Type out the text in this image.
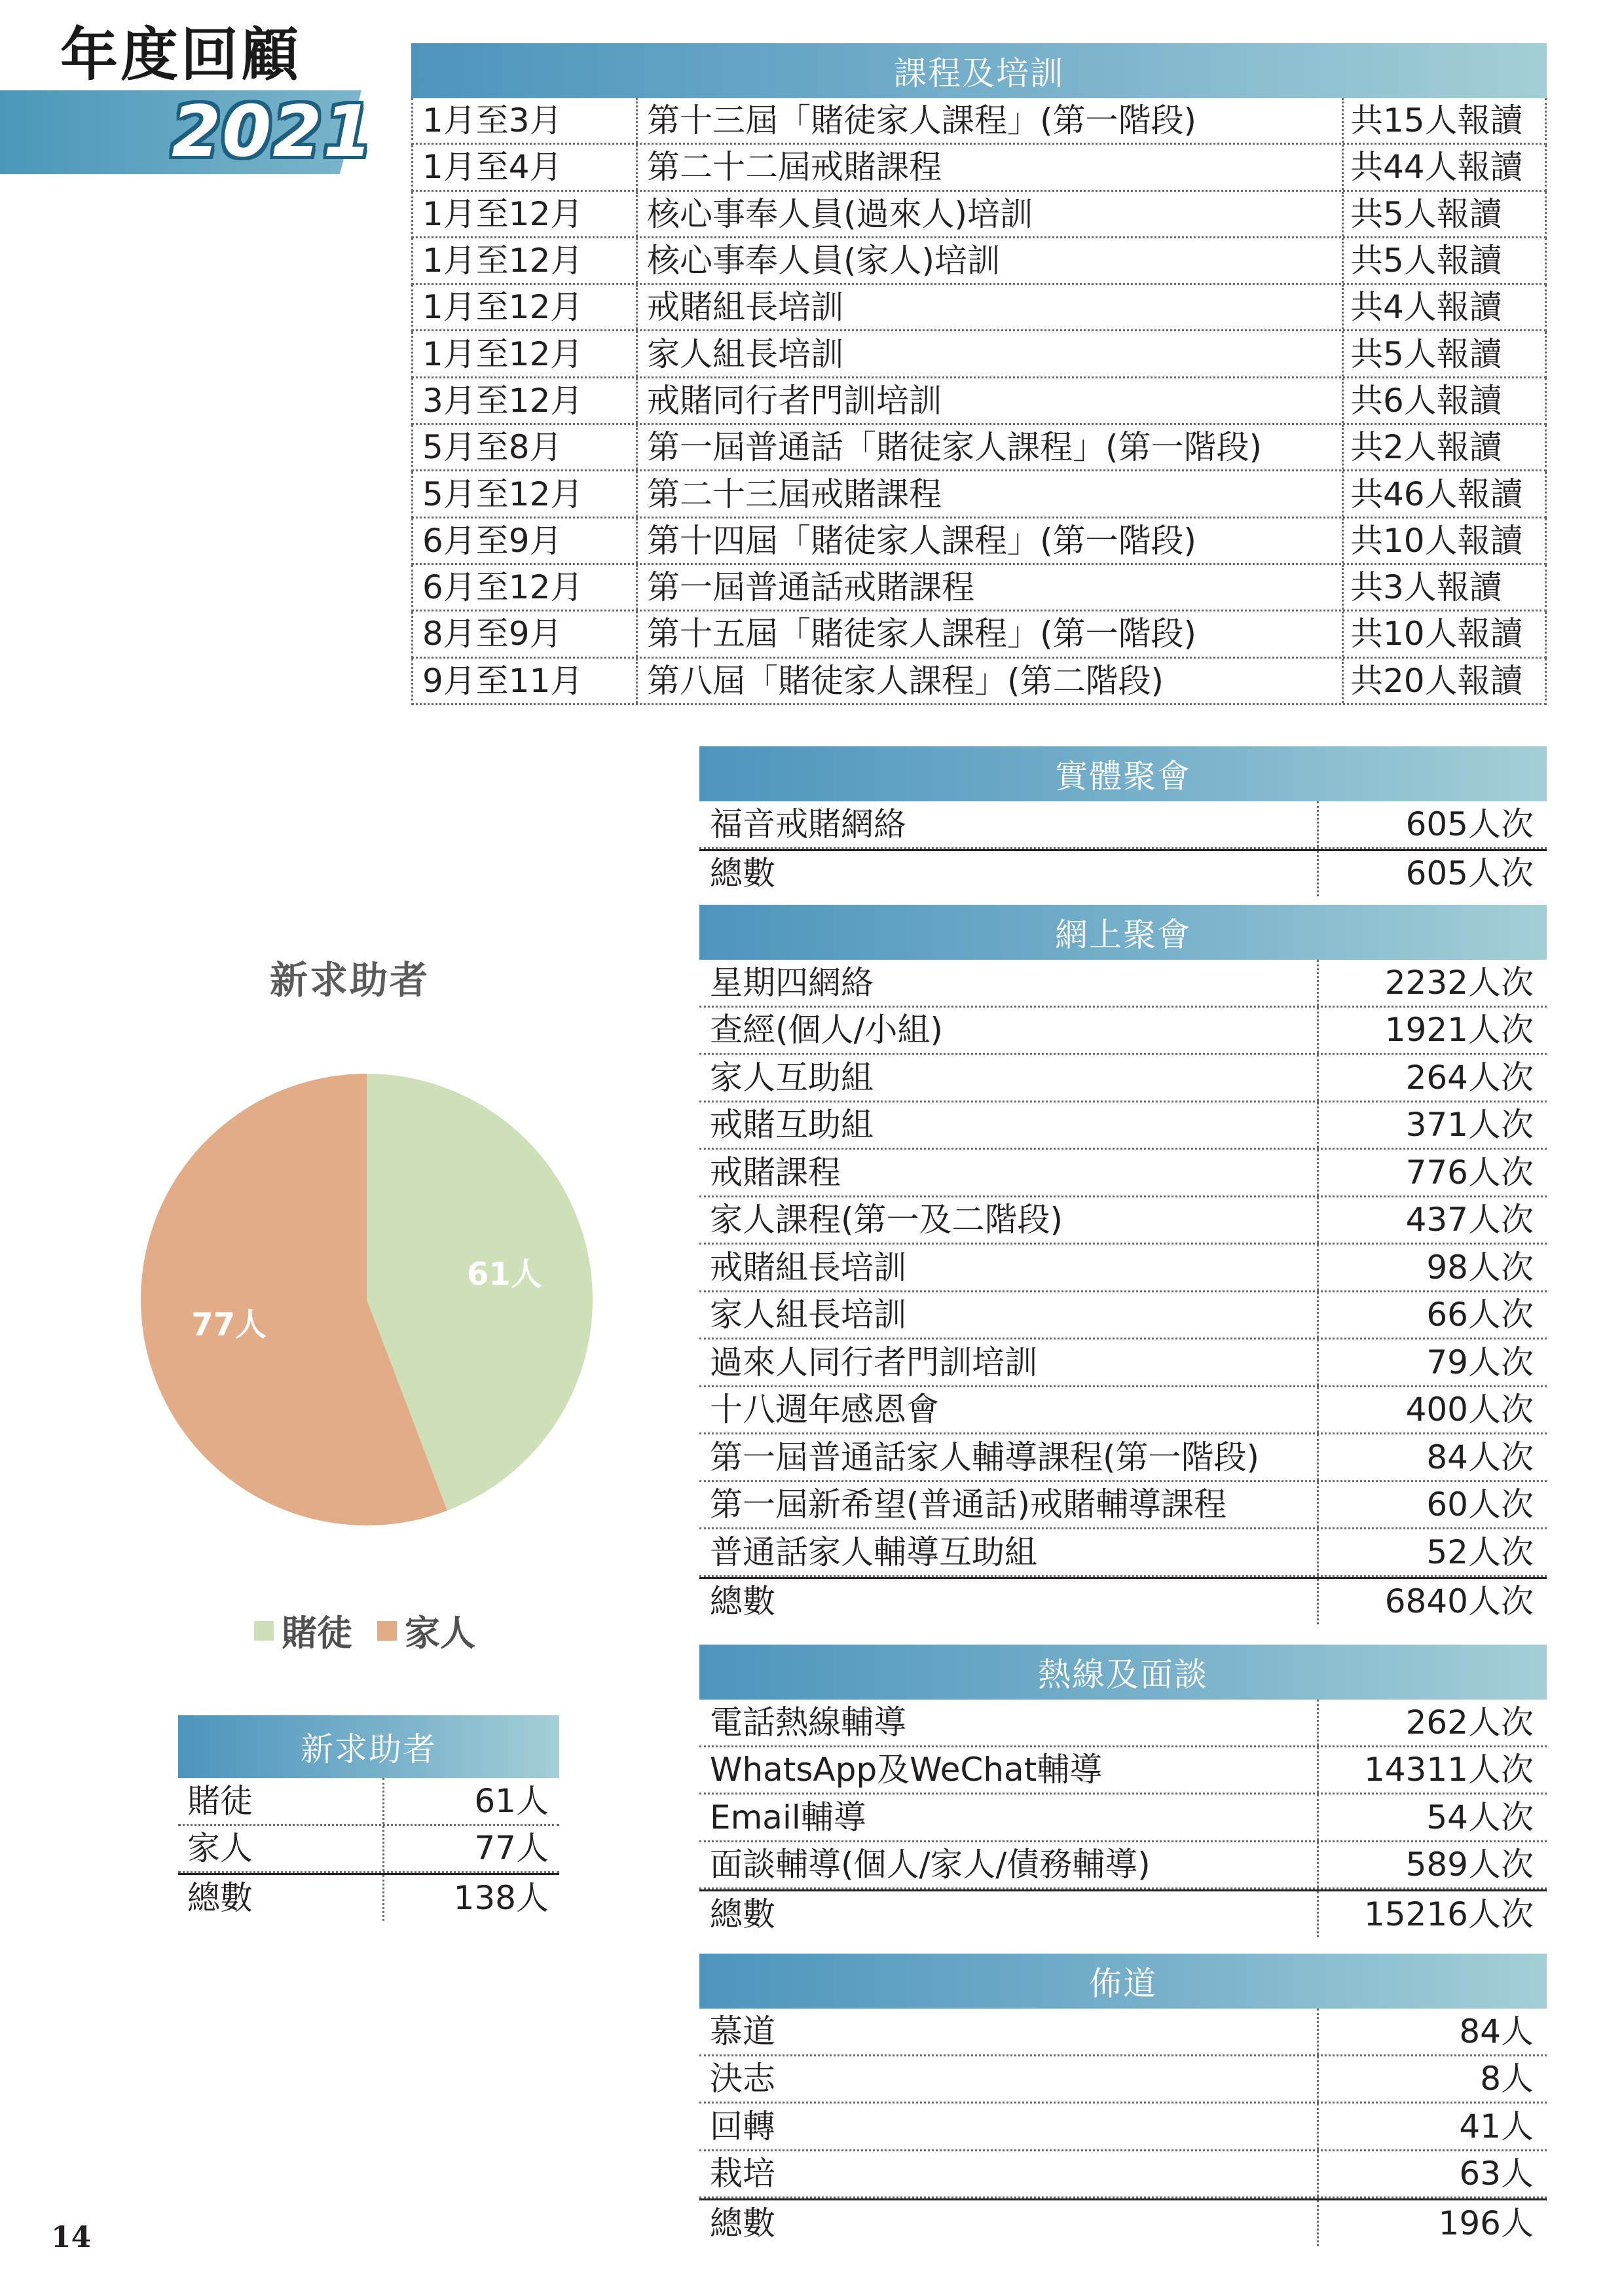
年度回顧
2021
課程及培訓
1月至3月	第十三屆「賭徒家人課程」(第一階段)	共15人報讀
1月至4月	第二十二屆戒賭課程	共44人報讀
1月至12月	核心事奉人員(過來人)培訓	共5人報讀
1月至12月	核心事奉人員(家人)培訓	共5人報讀
1月至12月	戒賭組長培訓	共4人報讀
1月至12月	家人組長培訓	共5人報讀
3月至12月	戒賭同行者門訓培訓	共6人報讀
5月至8月	第一屆普通話「賭徒家人課程」(第一階段)	共2人報讀
5月至12月	第二十三屆戒賭課程	共46人報讀
6月至9月	第十四屆「賭徒家人課程」(第一階段)	共10人報讀
6月至12月	第一屆普通話戒賭課程	共3人報讀
8月至9月	第十五屆「賭徒家人課程」(第一階段)	共10人報讀
9月至11月	第八屆「賭徒家人課程」(第二階段)	共20人報讀
實體聚會
福音戒賭網絡	605人次
總數	605人次
網上聚會
星期四網絡	2232人次
查經(個人/小組)	1921人次
家人互助組	264人次
戒賭互助組	371人次
戒賭課程	776人次
家人課程(第一及二階段)	437人次
戒賭組長培訓	98人次
家人組長培訓	66人次
過來人同行者門訓培訓	79人次
十八週年感恩會	400人次
第一屆普通話家人輔導課程(第一階段)	84人次
第一屆新希望(普通話)戒賭輔導課程	60人次
普通話家人輔導互助組	52人次
總數	6840人次
熱線及面談
電話熱線輔導	262人次
WhatsApp及WeChat輔導	14311人次
Email輔導	54人次
面談輔導(個人/家人/債務輔導)	589人次
總數	15216人次
佈道
慕道	84人
決志	8人
回轉	41人
栽培	63人
總數	196人
新求助者
61人
77人
賭徒 家人
新求助者
賭徒	61人
家人	77人
總數	138人
14
